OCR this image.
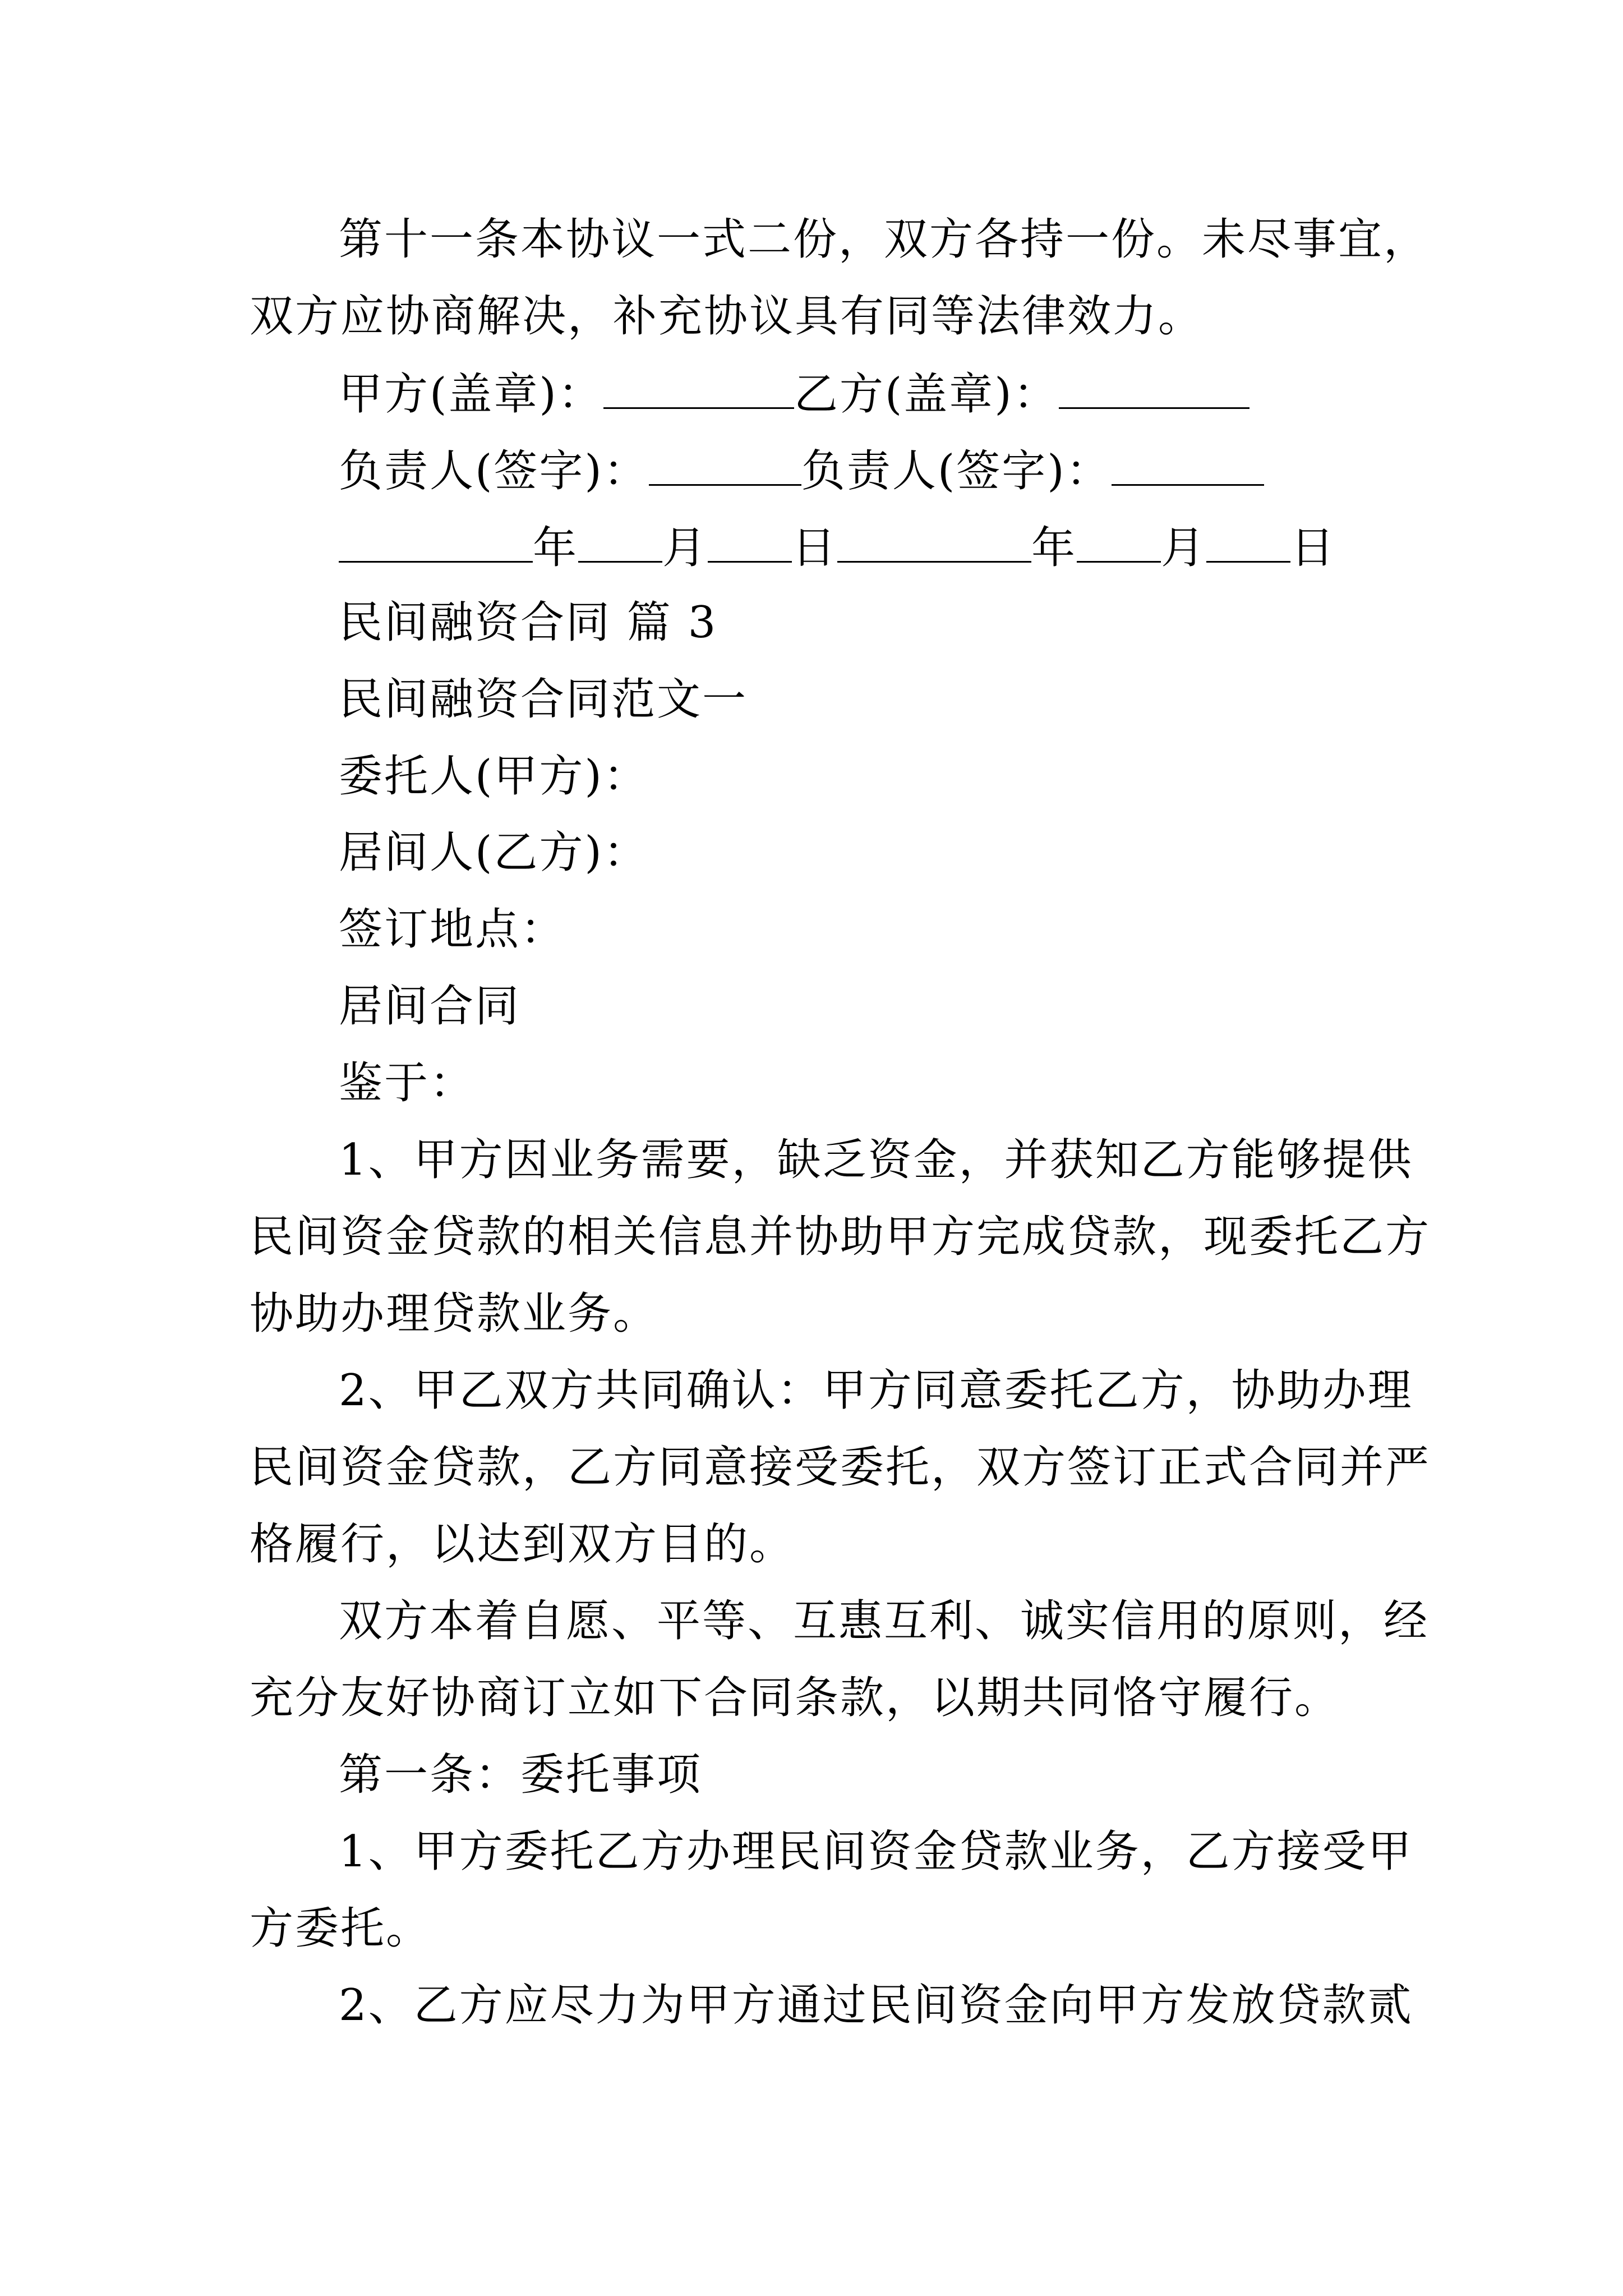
第十一条本协议一式二份，双方各持一份。未尽事宜，
双方应协商解决，补充协议具有同等法律效力。
甲方(盖章)：	乙方(盖章)：
负责人(签字)：	负责人(签字)：
年 月 日	年 月 日
民间融资合同 篇 3
民间融资合同范文一
委托人(甲方)：
居间人(乙方)：
签订地点：
居间合同
鉴于：
1、甲方因业务需要，缺乏资金，并获知乙方能够提供
民间资金贷款的相关信息并协助甲方完成贷款，现委托乙方
协助办理贷款业务。
2、甲乙双方共同确认：甲方同意委托乙方，协助办理
民间资金贷款，乙方同意接受委托，双方签订正式合同并严
格履行，以达到双方目的。
双方本着自愿、平等、互惠互利、诚实信用的原则，经
充分友好协商订立如下合同条款，以期共同恪守履行。
第一条：委托事项
1、甲方委托乙方办理民间资金贷款业务，乙方接受甲
方委托。
2、乙方应尽力为甲方通过民间资金向甲方发放贷款贰
